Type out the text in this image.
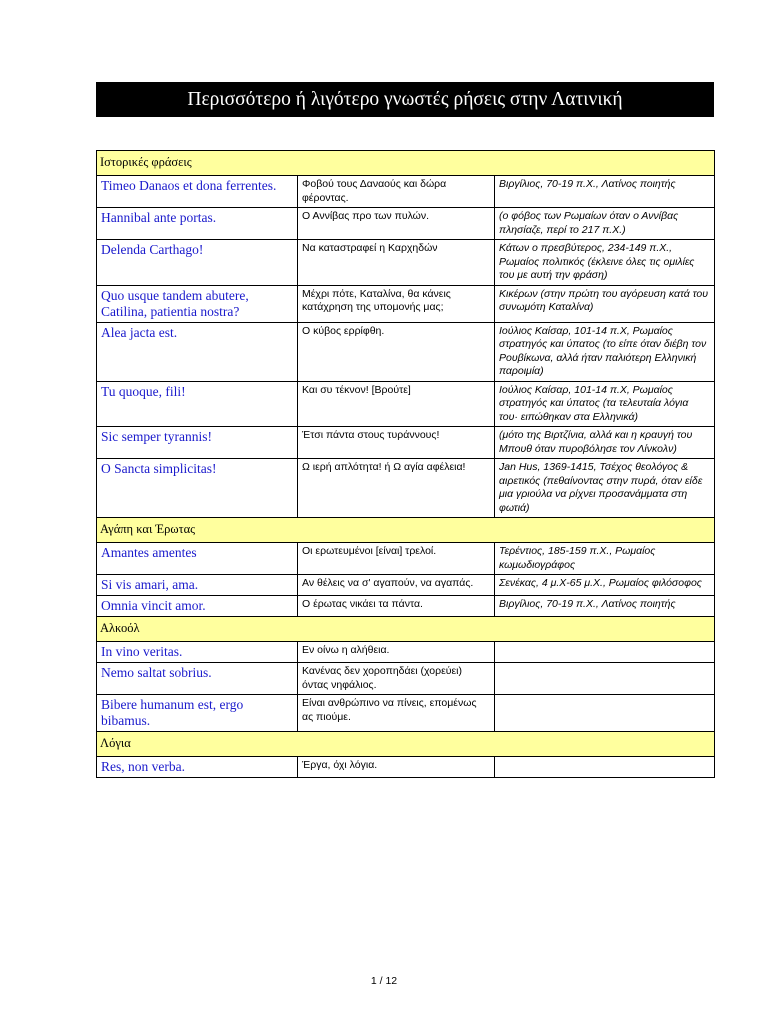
Περισσότερο ή λιγότερο γνωστές ρήσεις στην Λατινική
Ιστορικές φράσεις		
Timeo Danaos et dona ferrentes.	Φοβού τους Δαναούς και δώρα φέροντας.	Βιργίλιος, 70-19 π.Χ., Λατίνος ποιητής
Hannibal ante portas.	Ο Αννίβας προ των πυλών.	(ο φόβος των Ρωμαίων όταν ο Αννίβας πλησίαζε, περί το 217 π.Χ.)
Delenda Carthago!	Να καταστραφεί η Καρχηδών	Κάτων ο πρεσβύτερος, 234-149 π.Χ., Ρωμαίος πολιτικός (έκλεινε όλες τις ομιλίες του με αυτή την φράση)
Quo usque tandem abutere, Catilina, patientia nostra?	Μέχρι πότε, Καταλίνα, θα κάνεις κατάχρηση της υπομονής μας;	Κικέρων (στην πρώτη του αγόρευση κατά του συνωμότη Καταλίνα)
Alea jacta est.	Ο κύβος ερρίφθη.	Ιούλιος Καίσαρ, 101-14 π.Χ, Ρωμαίος στρατηγός και ύπατος (το είπε όταν διέβη τον Ρουβίκωνα, αλλά ήταν παλιότερη Ελληνική παροιμία)
Tu quoque, fili!	Και συ τέκνον! [Βρούτε]	Ιούλιος Καίσαρ, 101-14 π.Χ, Ρωμαίος στρατηγός και ύπατος (τα τελευταία λόγια του· ειπώθηκαν στα Ελληνικά)
Sic semper tyrannis!	Έτσι πάντα στους τυράννους!	(μότο της Βιρτζίνια, αλλά και η κραυγή του Μπουθ όταν πυροβόλησε τον Λίνκολν)
O Sancta simplicitas!	Ω ιερή απλότητα! ή Ω αγία αφέλεια!	Jan Hus, 1369-1415, Τσέχος θεολόγος & αιρετικός (πεθαίνοντας στην πυρά, όταν είδε μια γριούλα να ρίχνει προσανάμματα στη φωτιά)
Αγάπη και Έρωτας		
Amantes amentes	Οι ερωτευμένοι [είναι] τρελοί.	Τερέντιος, 185-159 π.Χ., Ρωμαίος κωμωδιογράφος
Si vis amari, ama.	Αν θέλεις να σ' αγαπούν, να αγαπάς.	Σενέκας, 4 μ.Χ-65 μ.Χ., Ρωμαίος φιλόσοφος
Omnia vincit amor.	Ο έρωτας νικάει τα πάντα.	Βιργίλιος, 70-19 π.Χ., Λατίνος ποιητής
Αλκοόλ		
In vino veritas.	Εν οίνω η αλήθεια.	
Nemo saltat sobrius.	Κανένας δεν χοροπηδάει (χορεύει) όντας νηφάλιος.	
Bibere humanum est, ergo bibamus.	Είναι ανθρώπινο να πίνεις, επομένως ας πιούμε.	
Λόγια		
Res, non verba.	Έργα, όχι λόγια.	
1 / 12
